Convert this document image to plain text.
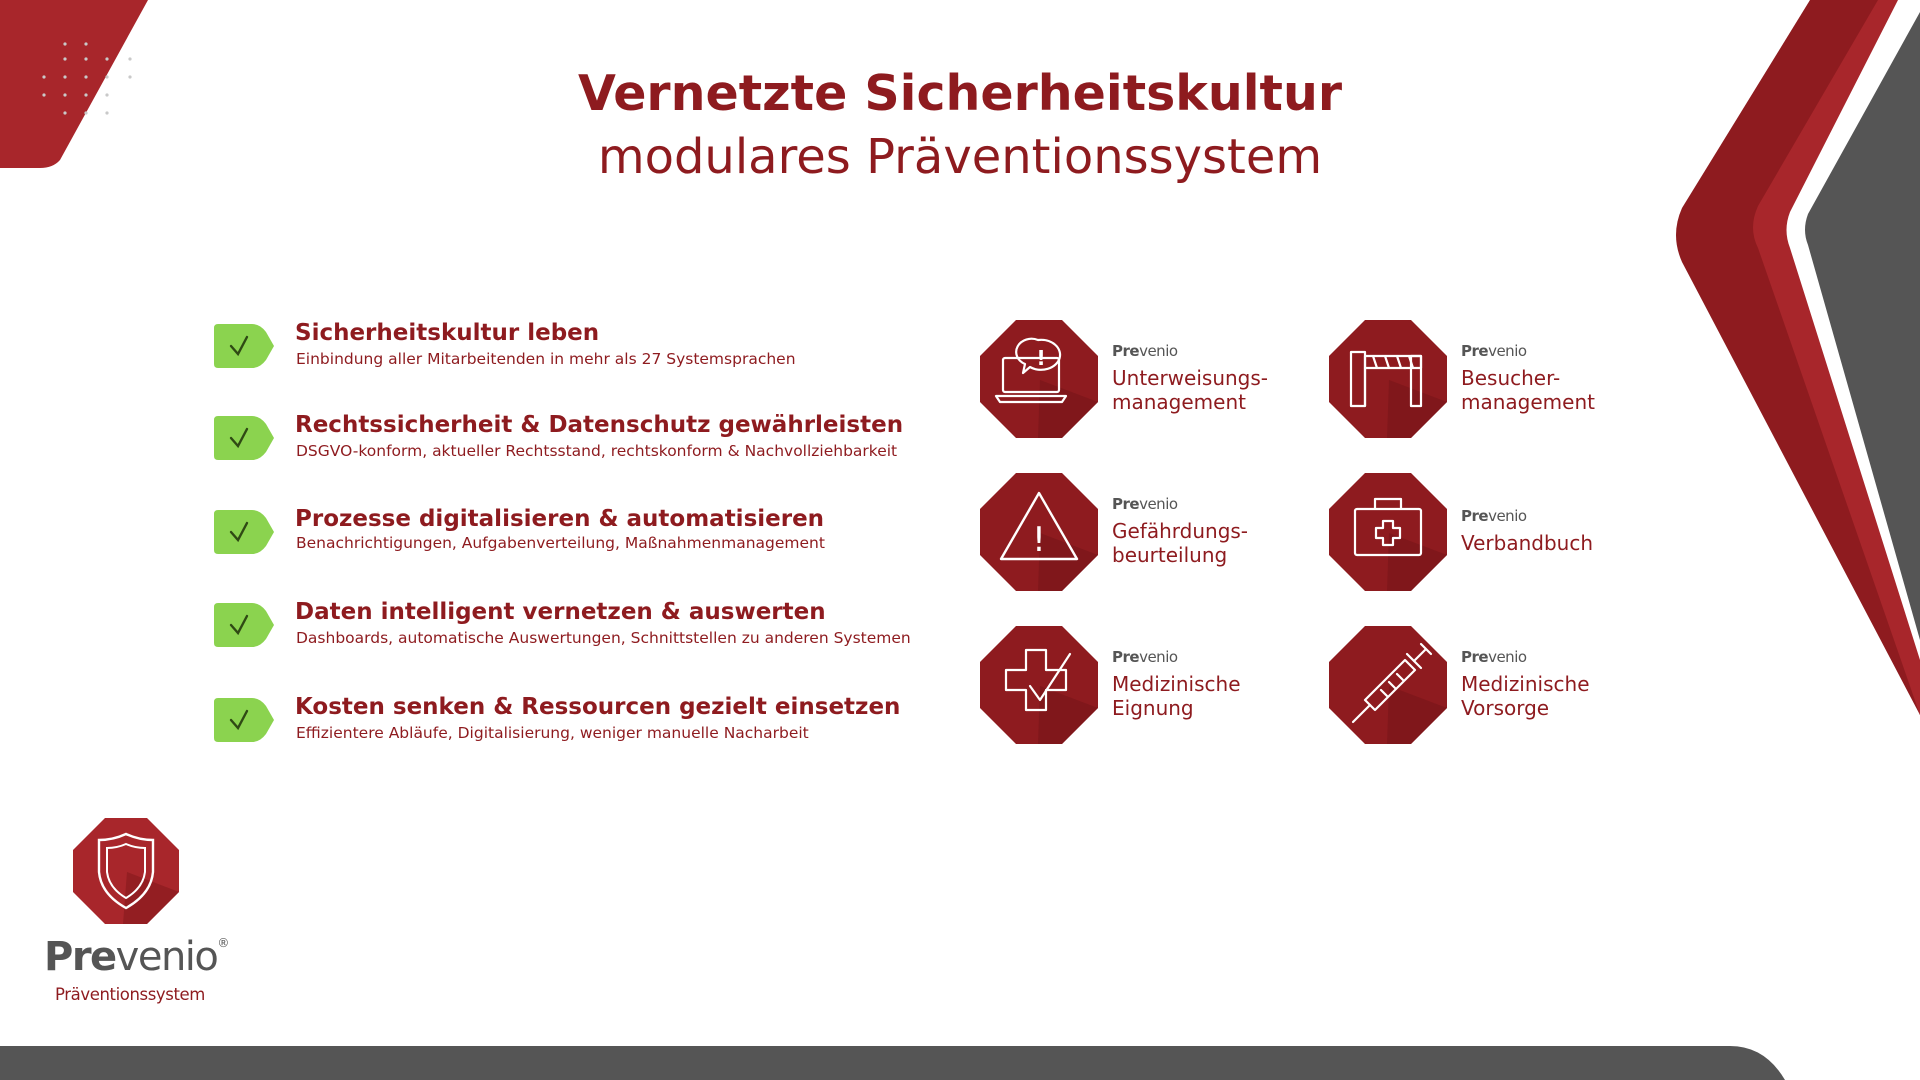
Vernetzte Sicherheitskultur
modulares Präventionssystem
Sicherheitskultur leben
Einbindung aller Mitarbeitenden in mehr als 27 Systemsprachen
Rechtssicherheit & Datenschutz gewährleisten
DSGVO-konform, aktueller Rechtsstand, rechtskonform & Nachvollziehbarkeit
Prozesse digitalisieren & automatisieren
Benachrichtigungen, Aufgabenverteilung, Maßnahmenmanagement
Daten intelligent vernetzen & auswerten
Dashboards, automatische Auswertungen, Schnittstellen zu anderen Systemen
Kosten senken & Ressourcen gezielt einsetzen
Effizientere Abläufe, Digitalisierung, weniger manuelle Nacharbeit
!	Prevenio
Unterweisungs-
management
Prevenio
Besucher-
management
!
Prevenio
Gefährdungs-
beurteilung
Prevenio
Verbandbuch
Prevenio
Medizinische
Eignung
Prevenio
Medizinische
Vorsorge
Prevenio®
Präventionssystem
